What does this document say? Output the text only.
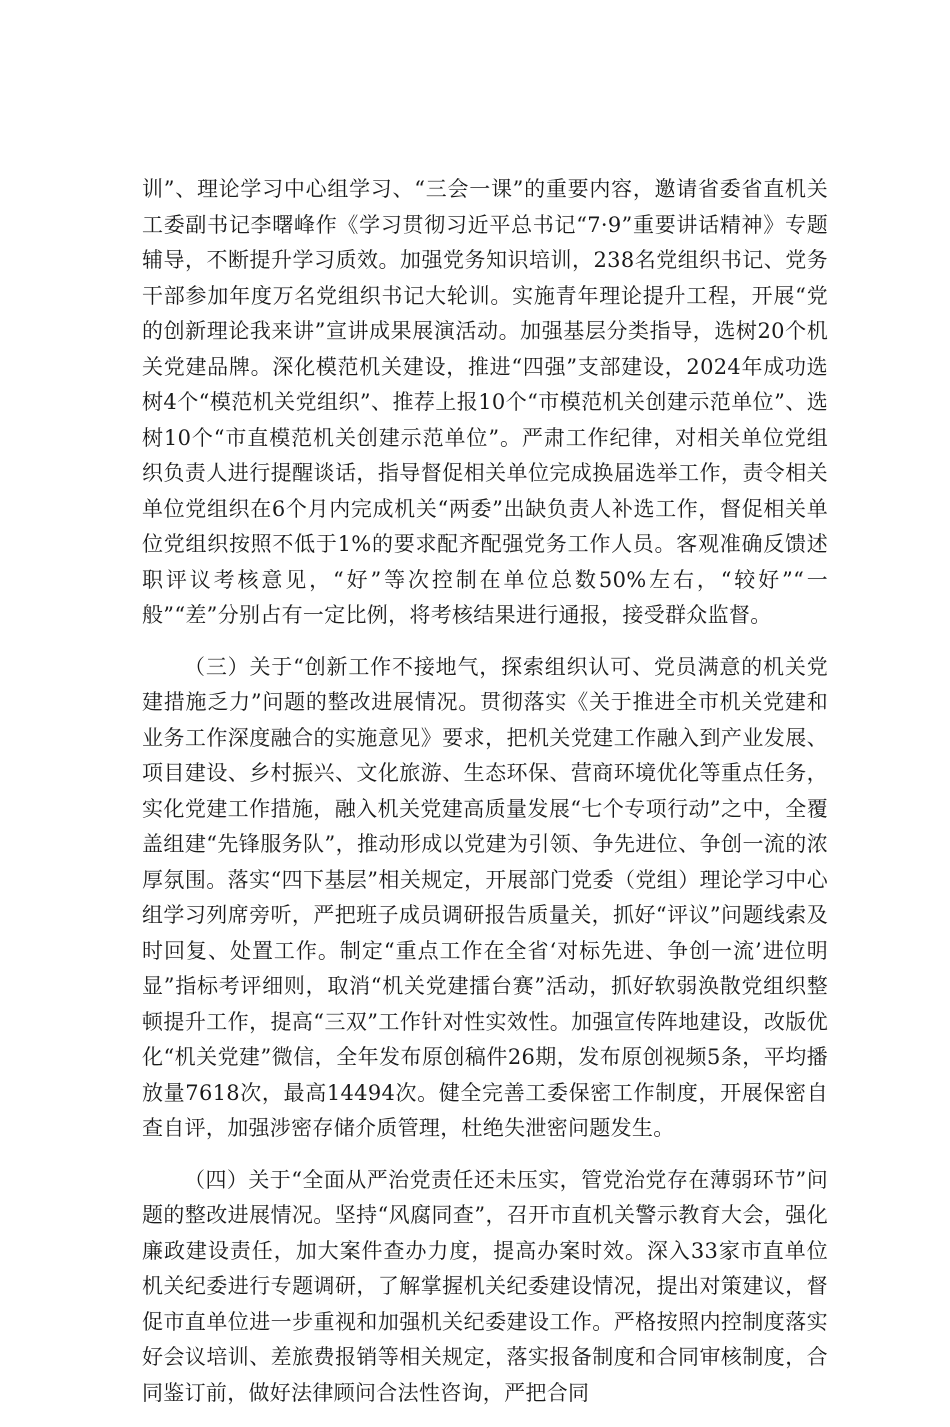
训”、理论学习中心组学习、“三会一课”的重要内容，邀请省委省直机关工委副书记李曙峰作《学习贯彻习近平总书记“7·9”重要讲话精神》专题辅导，不断提升学习质效。加强党务知识培训，238名党组织书记、党务干部参加年度万名党组织书记大轮训。实施青年理论提升工程，开展“党的创新理论我来讲”宣讲成果展演活动。加强基层分类指导，选树20个机关党建品牌。深化模范机关建设，推进“四强”支部建设，2024年成功选树4个“模范机关党组织”、推荐上报10个“市模范机关创建示范单位”、选树10个“市直模范机关创建示范单位”。严肃工作纪律，对相关单位党组织负责人进行提醒谈话，指导督促相关单位完成换届选举工作，责令相关单位党组织在6个月内完成机关“两委”出缺负责人补选工作，督促相关单位党组织按照不低于1%的要求配齐配强党务工作人员。客观准确反馈述职评议考核意见，“好”等次控制在单位总数50%左右，“较好”“一般”“差”分别占有一定比例，将考核结果进行通报，接受群众监督。

（三）关于“创新工作不接地气，探索组织认可、党员满意的机关党建措施乏力”问题的整改进展情况。贯彻落实《关于推进全市机关党建和业务工作深度融合的实施意见》要求，把机关党建工作融入到产业发展、项目建设、乡村振兴、文化旅游、生态环保、营商环境优化等重点任务，实化党建工作措施，融入机关党建高质量发展“七个专项行动”之中，全覆盖组建“先锋服务队”，推动形成以党建为引领、争先进位、争创一流的浓厚氛围。落实“四下基层”相关规定，开展部门党委（党组）理论学习中心组学习列席旁听，严把班子成员调研报告质量关，抓好“评议”问题线索及时回复、处置工作。制定“重点工作在全省‘对标先进、争创一流’进位明显”指标考评细则，取消“机关党建擂台赛”活动，抓好软弱涣散党组织整顿提升工作，提高“三双”工作针对性实效性。加强宣传阵地建设，改版优化“机关党建”微信，全年发布原创稿件26期，发布原创视频5条，平均播放量7618次，最高14494次。健全完善工委保密工作制度，开展保密自查自评，加强涉密存储介质管理，杜绝失泄密问题发生。

（四）关于“全面从严治党责任还未压实，管党治党存在薄弱环节”问题的整改进展情况。坚持“风腐同查”，召开市直机关警示教育大会，强化廉政建设责任，加大案件查办力度，提高办案时效。深入33家市直单位机关纪委进行专题调研，了解掌握机关纪委建设情况，提出对策建议，督促市直单位进一步重视和加强机关纪委建设工作。严格按照内控制度落实好会议培训、差旅费报销等相关规定，落实报备制度和合同审核制度，合同鉴订前，做好法律顾问合法性咨询，严把合同
